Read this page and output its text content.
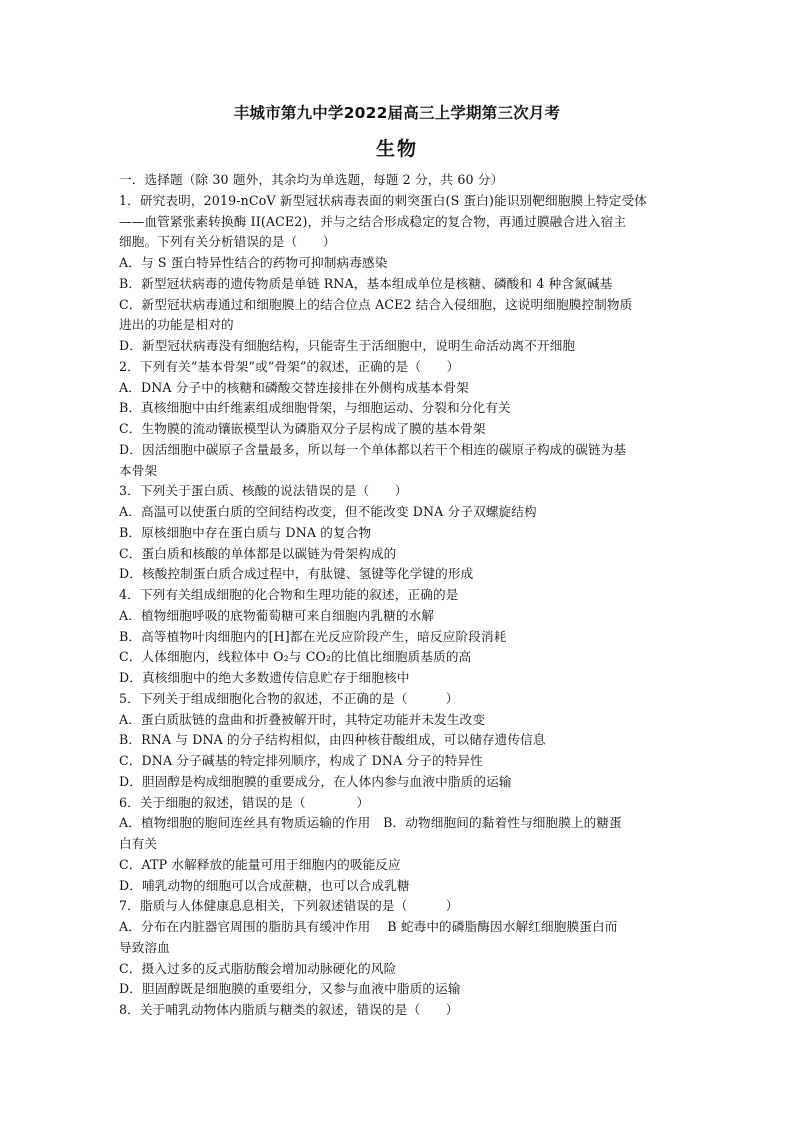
丰城市第九中学2022届高三上学期第三次月考
生物
一．选择题（除 30 题外，其余均为单选题，每题 2 分，共 60 分）
1．研究表明，2019-nCoV 新型冠状病毒表面的刺突蛋白(S 蛋白)能识别靶细胞膜上特定受体
——血管紧张素转换酶 II(ACE2)，并与之结合形成稳定的复合物，再通过膜融合进入宿主
细胞。下列有关分析错误的是（　　）
A．与 S 蛋白特异性结合的药物可抑制病毒感染
B．新型冠状病毒的遗传物质是单链 RNA，基本组成单位是核糖、磷酸和 4 种含氮碱基
C．新型冠状病毒通过和细胞膜上的结合位点 ACE2 结合入侵细胞，这说明细胞膜控制物质
进出的功能是相对的
D．新型冠状病毒没有细胞结构，只能寄生于活细胞中，说明生命活动离不开细胞
2．下列有关“基本骨架”或“骨架”的叙述，正确的是（　　）
A．DNA 分子中的核糖和磷酸交替连接排在外侧构成基本骨架
B．真核细胞中由纤维素组成细胞骨架，与细胞运动、分裂和分化有关
C．生物膜的流动镶嵌模型认为磷脂双分子层构成了膜的基本骨架
D．因活细胞中碳原子含量最多，所以每一个单体都以若干个相连的碳原子构成的碳链为基
本骨架
3．下列关于蛋白质、核酸的说法错误的是（　　）
A．高温可以使蛋白质的空间结构改变，但不能改变 DNA 分子双螺旋结构
B．原核细胞中存在蛋白质与 DNA 的复合物
C．蛋白质和核酸的单体都是以碳链为骨架构成的
D．核酸控制蛋白质合成过程中，有肽键、氢键等化学键的形成
4．下列有关组成细胞的化合物和生理功能的叙述，正确的是
A．植物细胞呼吸的底物葡萄糖可来自细胞内乳糖的水解
B．高等植物叶肉细胞内的[H]都在光反应阶段产生，暗反应阶段消耗
C．人体细胞内，线粒体中 O₂与 CO₂的比值比细胞质基质的高
D．真核细胞中的绝大多数遗传信息贮存于细胞核中
5．下列关于组成细胞化合物的叙述，不正确的是（　　　）
A．蛋白质肽链的盘曲和折叠被解开时，其特定功能并未发生改变
B．RNA 与 DNA 的分子结构相似，由四种核苷酸组成，可以储存遗传信息
C．DNA 分子碱基的特定排列顺序，构成了 DNA 分子的特异性
D．胆固醇是构成细胞膜的重要成分，在人体内参与血液中脂质的运输
6．关于细胞的叙述，错误的是（　　　　）
A．植物细胞的胞间连丝具有物质运输的作用　B．动物细胞间的黏着性与细胞膜上的糖蛋
白有关
C．ATP 水解释放的能量可用于细胞内的吸能反应
D．哺乳动物的细胞可以合成蔗糖，也可以合成乳糖
7．脂质与人体健康息息相关，下列叙述错误的是（　　　）
A．分布在内脏器官周围的脂肪具有缓冲作用　 B 蛇毒中的磷脂酶因水解红细胞膜蛋白而
导致溶血
C．摄入过多的反式脂肪酸会增加动脉硬化的风险
D．胆固醇既是细胞膜的重要组分，又参与血液中脂质的运输
8．关于哺乳动物体内脂质与糖类的叙述，错误的是（　　）
